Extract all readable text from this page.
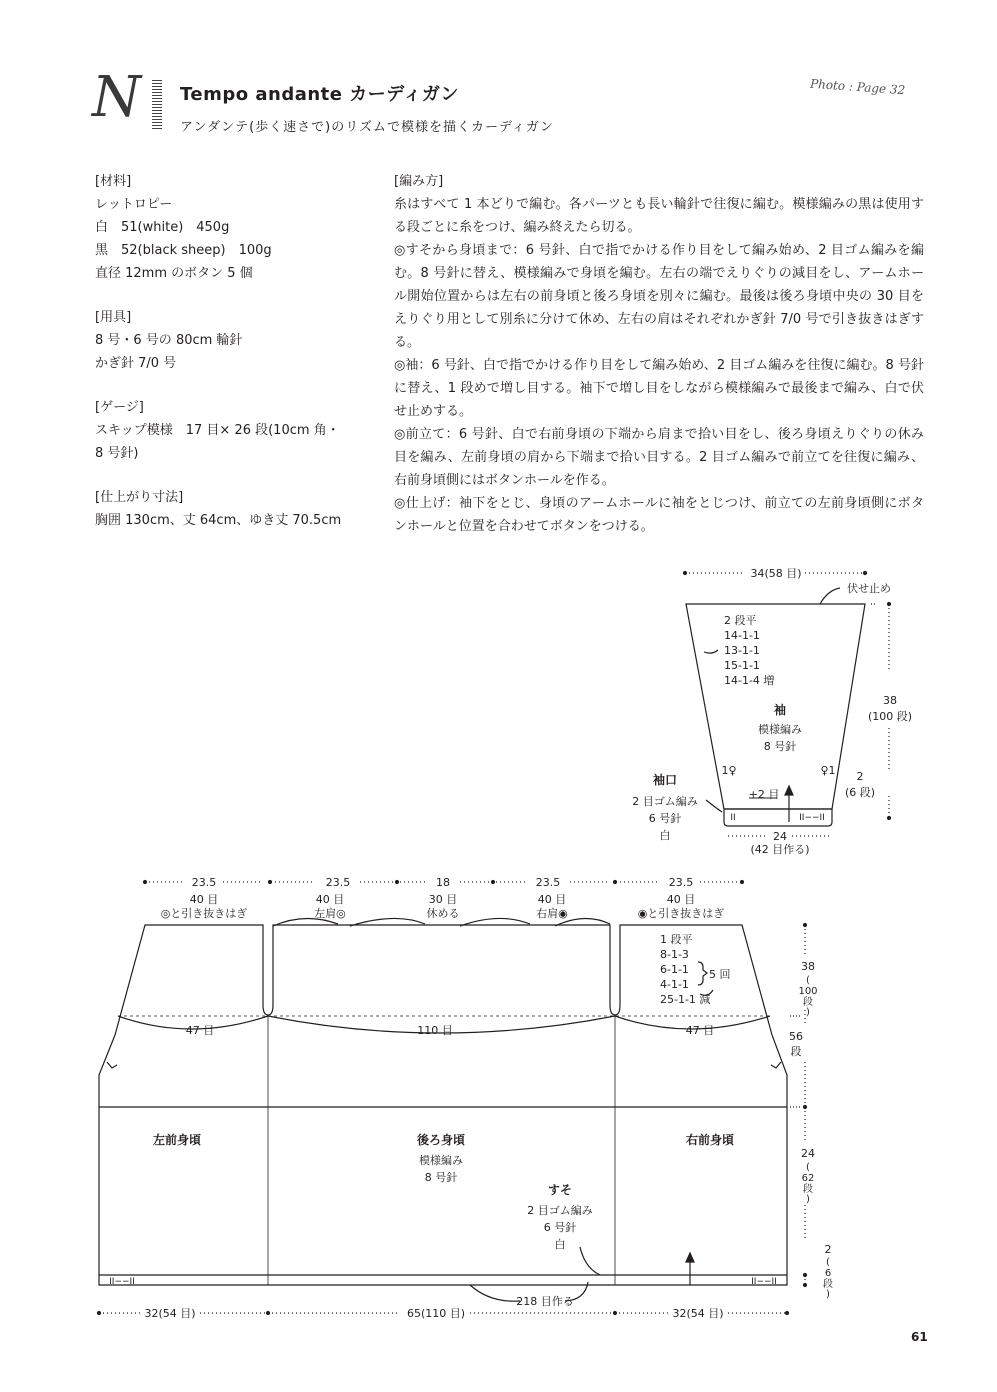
N Tempo andante カーディガン
アンダンテ(歩く速さで)のリズムで模様を描くカーディガン
Photo : Page 32
[材料]
レットロピー
白　51(white)　450g
黒　52(black sheep)　100g
直径 12mm のボタン 5 個
[用具]
8 号・6 号の 80cm 輪針
かぎ針 7/0 号
[ゲージ]
スキップ模様　17 目× 26 段(10cm 角・
8 号針)
[仕上がり寸法]
胸囲 130cm、丈 64cm、ゆき丈 70.5cm
[編み方]
糸はすべて 1 本どりで編む。各パーツとも長い輪針で往復に編む。模様編みの黒は使用する段ごとに糸をつけ、編み終えたら切る。
◎すそから身頃まで：6 号針、白で指でかける作り目をして編み始め、2 目ゴム編みを編む。8 号針に替え、模様編みで身頃を編む。左右の端でえりぐりの減目をし、アームホール開始位置からは左右の前身頃と後ろ身頃を別々に編む。最後は後ろ身頃中央の 30 目をえりぐり用として別糸に分けて休め、左右の肩はそれぞれかぎ針 7/0 号で引き抜きはぎする。
◎袖：6 号針、白で指でかける作り目をして編み始め、2 目ゴム編みを往復に編む。8 号針に替え、1 段めで増し目する。袖下で増し目をしながら模様編みで最後まで編み、白で伏せ止めする。
◎前立て：6 号針、白で右前身頃の下端から肩まで拾い目をし、後ろ身頃えりぐりの休み目を編み、左前身頃の肩から下端まで拾い目する。2 目ゴム編みで前立てを往復に編み、右前身頃側にはボタンホールを作る。
◎仕上げ：袖下をとじ、身頃のアームホールに袖をとじつけ、前立ての左前身頃側にボタンホールと位置を合わせてボタンをつける。
34(58 目)
伏せ止め
2 段平
14-1-1
13-1-1
15-1-1
14-1-4 増
袖
模様編み
8 号針
1♀	♀1
袖口
2 目ゴム編み
6 号針
白
+2 目
II	II−−II
38
(100 段)
2
(6 段)
24
(42 目作る)
23.5
40 目
◎と引き抜きはぎ
23.5
40 目
左肩◎
18
30 目
休める
23.5
40 目
右肩◉
23.5
40 目
◉と引き抜きはぎ
1 段平
8-1-3
6-1-1
4-1-1
25-1-1 減
5 回
47 目	110 目	47 目
左前身頃	後ろ身頃
模様編み
8 号針
右前身頃
すそ
2 目ゴム編み
6 号針
白
II−−II	II−−II
218 目作る
32(54 目)	65(110 目)	32(54 目)
38
(
100
段
)
56
段
24
(
62
段
)
2
(
6
段
)
61
